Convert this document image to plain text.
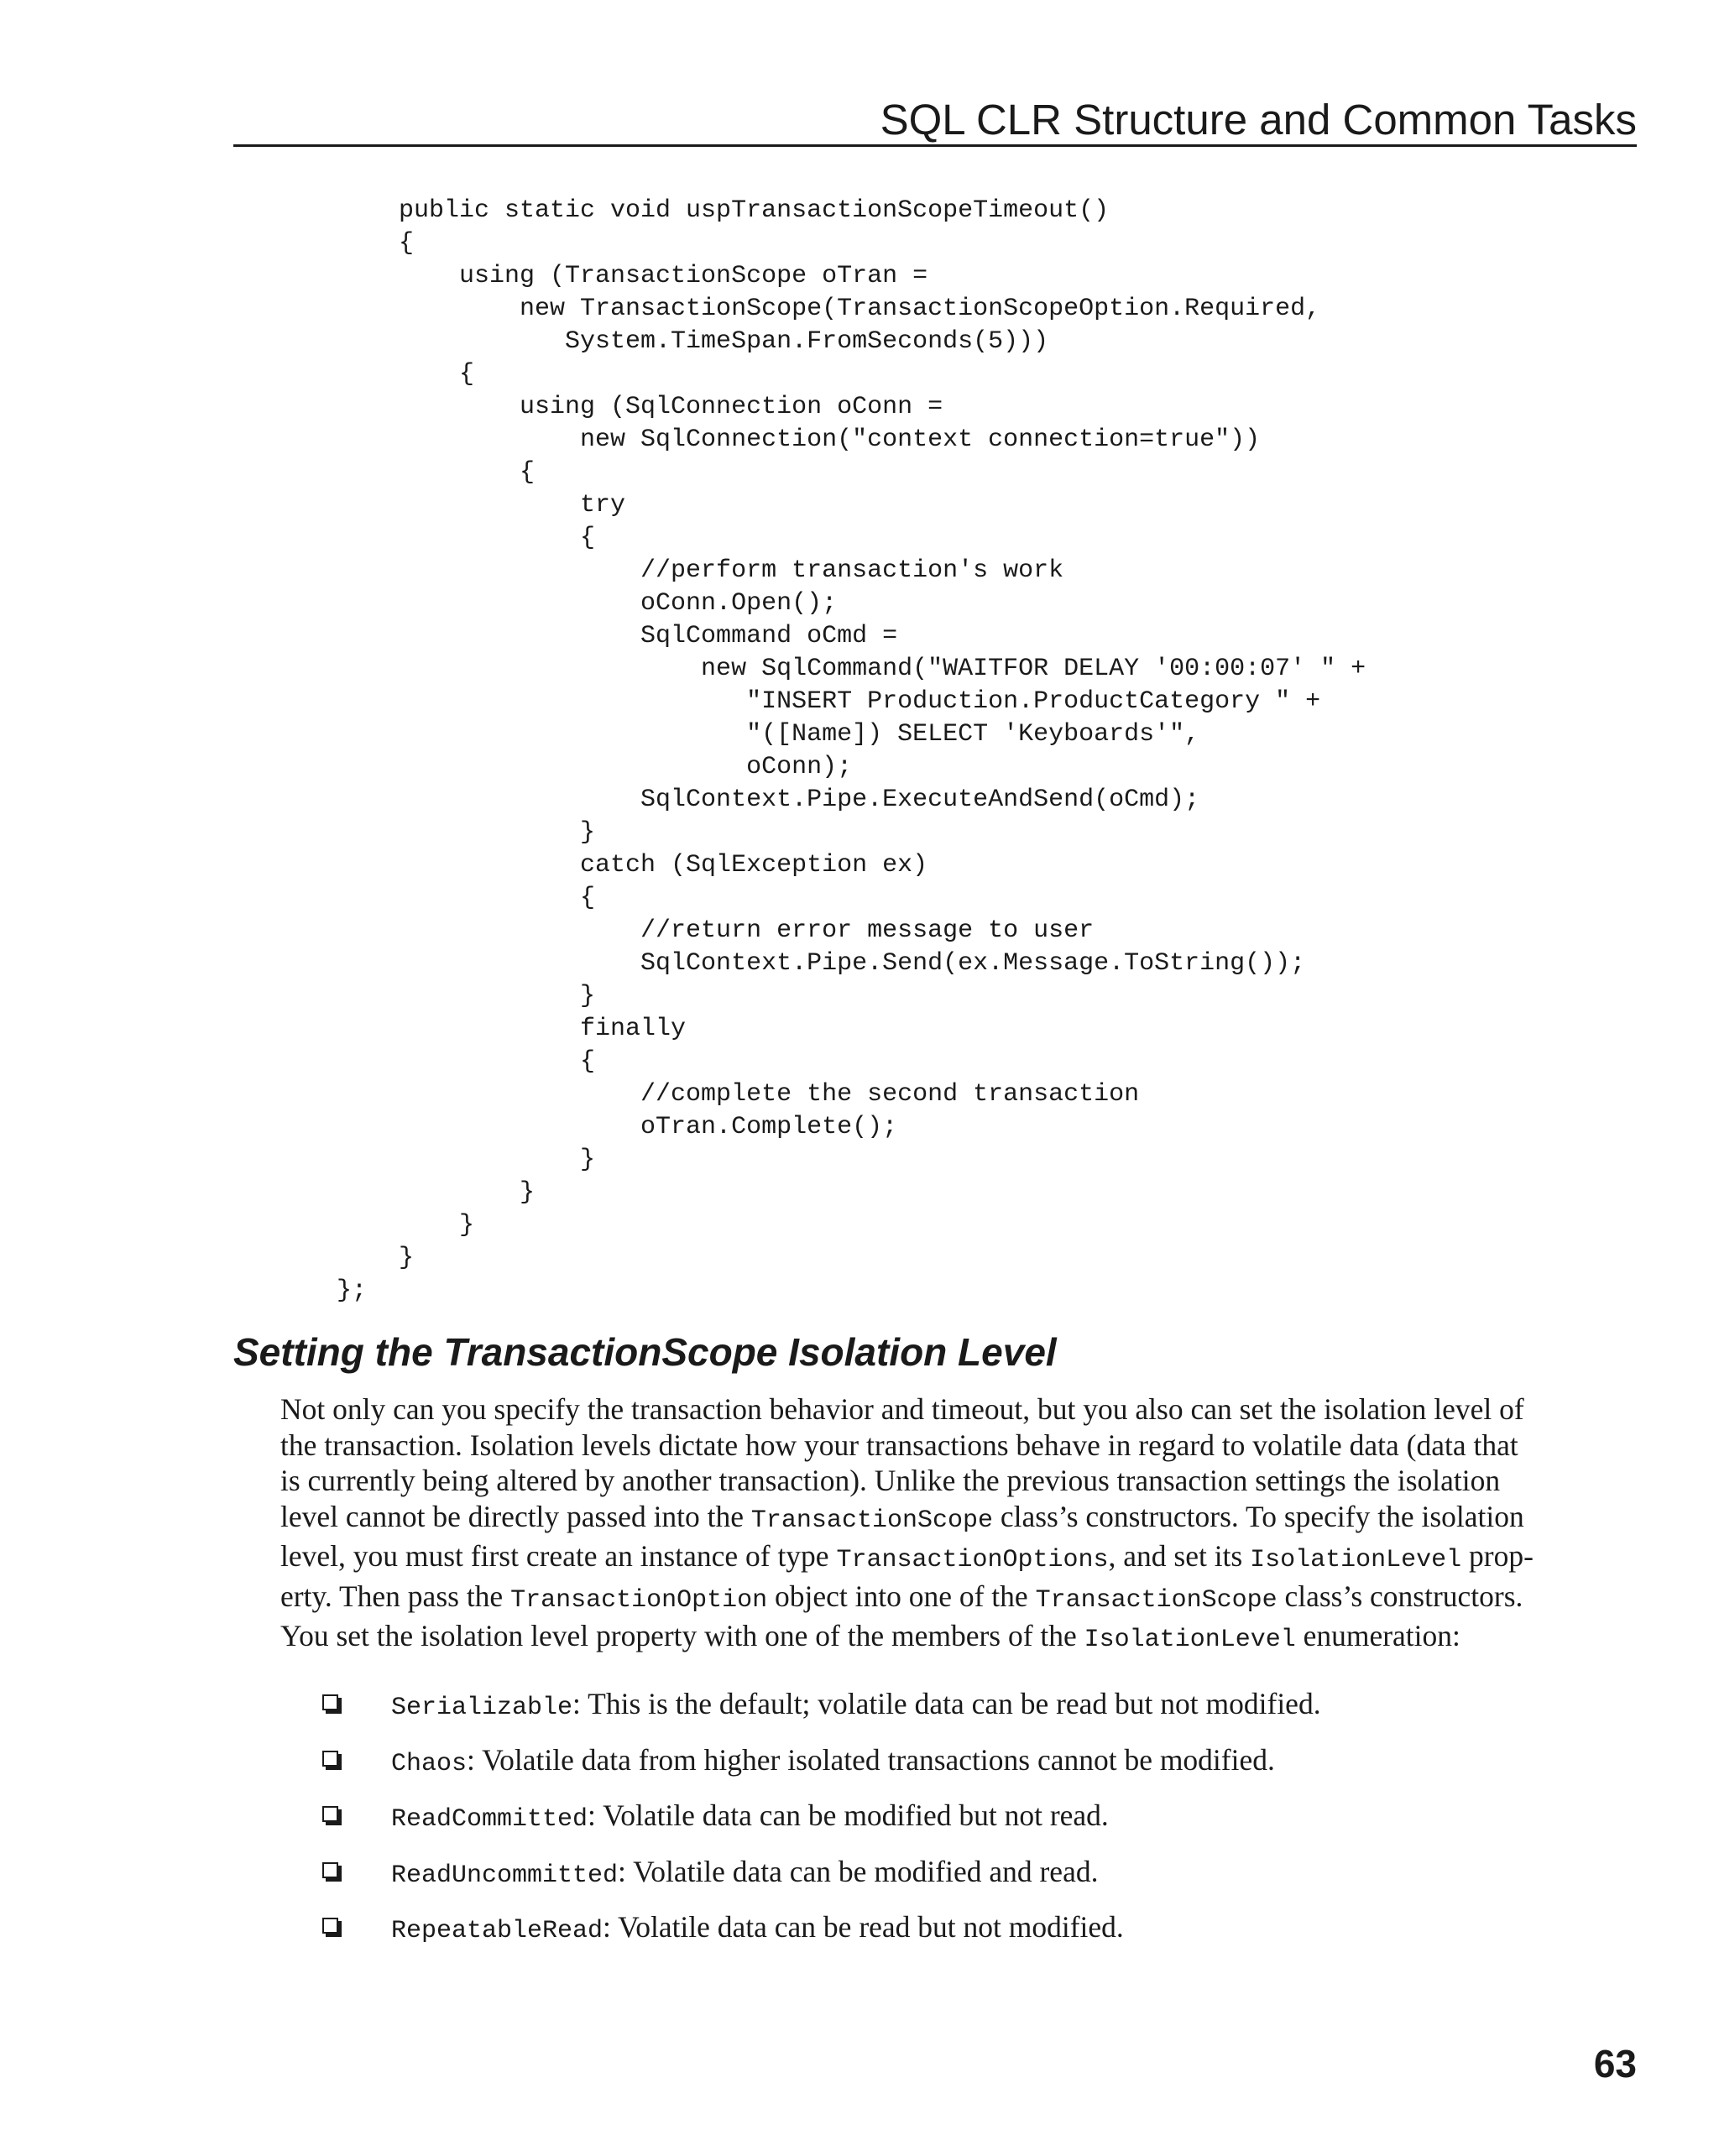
SQL CLR Structure and Common Tasks
public static void uspTransactionScopeTimeout()
{
using (TransactionScope oTran =
new TransactionScope(TransactionScopeOption.Required,
System.TimeSpan.FromSeconds(5)))
{
using (SqlConnection oConn =
new SqlConnection("context connection=true"))
{
try
{
//perform transaction's work
oConn.Open();
SqlCommand oCmd =
new SqlCommand("WAITFOR DELAY '00:00:07' " +
"INSERT Production.ProductCategory " +
"([Name]) SELECT 'Keyboards'",
oConn);
SqlContext.Pipe.ExecuteAndSend(oCmd);
}
catch (SqlException ex)
{
//return error message to user
SqlContext.Pipe.Send(ex.Message.ToString());
}
finally
{
//complete the second transaction
oTran.Complete();
}
}
}
}
};
Setting the TransactionScope Isolation Level
Not only can you specify the transaction behavior and timeout, but you also can set the isolation level of
the transaction. Isolation levels dictate how your transactions behave in regard to volatile data (data that
is currently being altered by another transaction). Unlike the previous transaction settings the isolation
level cannot be directly passed into the TransactionScope class’s constructors. To specify the isolation
level, you must first create an instance of type TransactionOptions, and set its IsolationLevel prop-
erty. Then pass the TransactionOption object into one of the TransactionScope class’s constructors.
You set the isolation level property with one of the members of the IsolationLevel enumeration:
Serializable: This is the default; volatile data can be read but not modified.
Chaos: Volatile data from higher isolated transactions cannot be modified.
ReadCommitted: Volatile data can be modified but not read.
ReadUncommitted: Volatile data can be modified and read.
RepeatableRead: Volatile data can be read but not modified.
63
